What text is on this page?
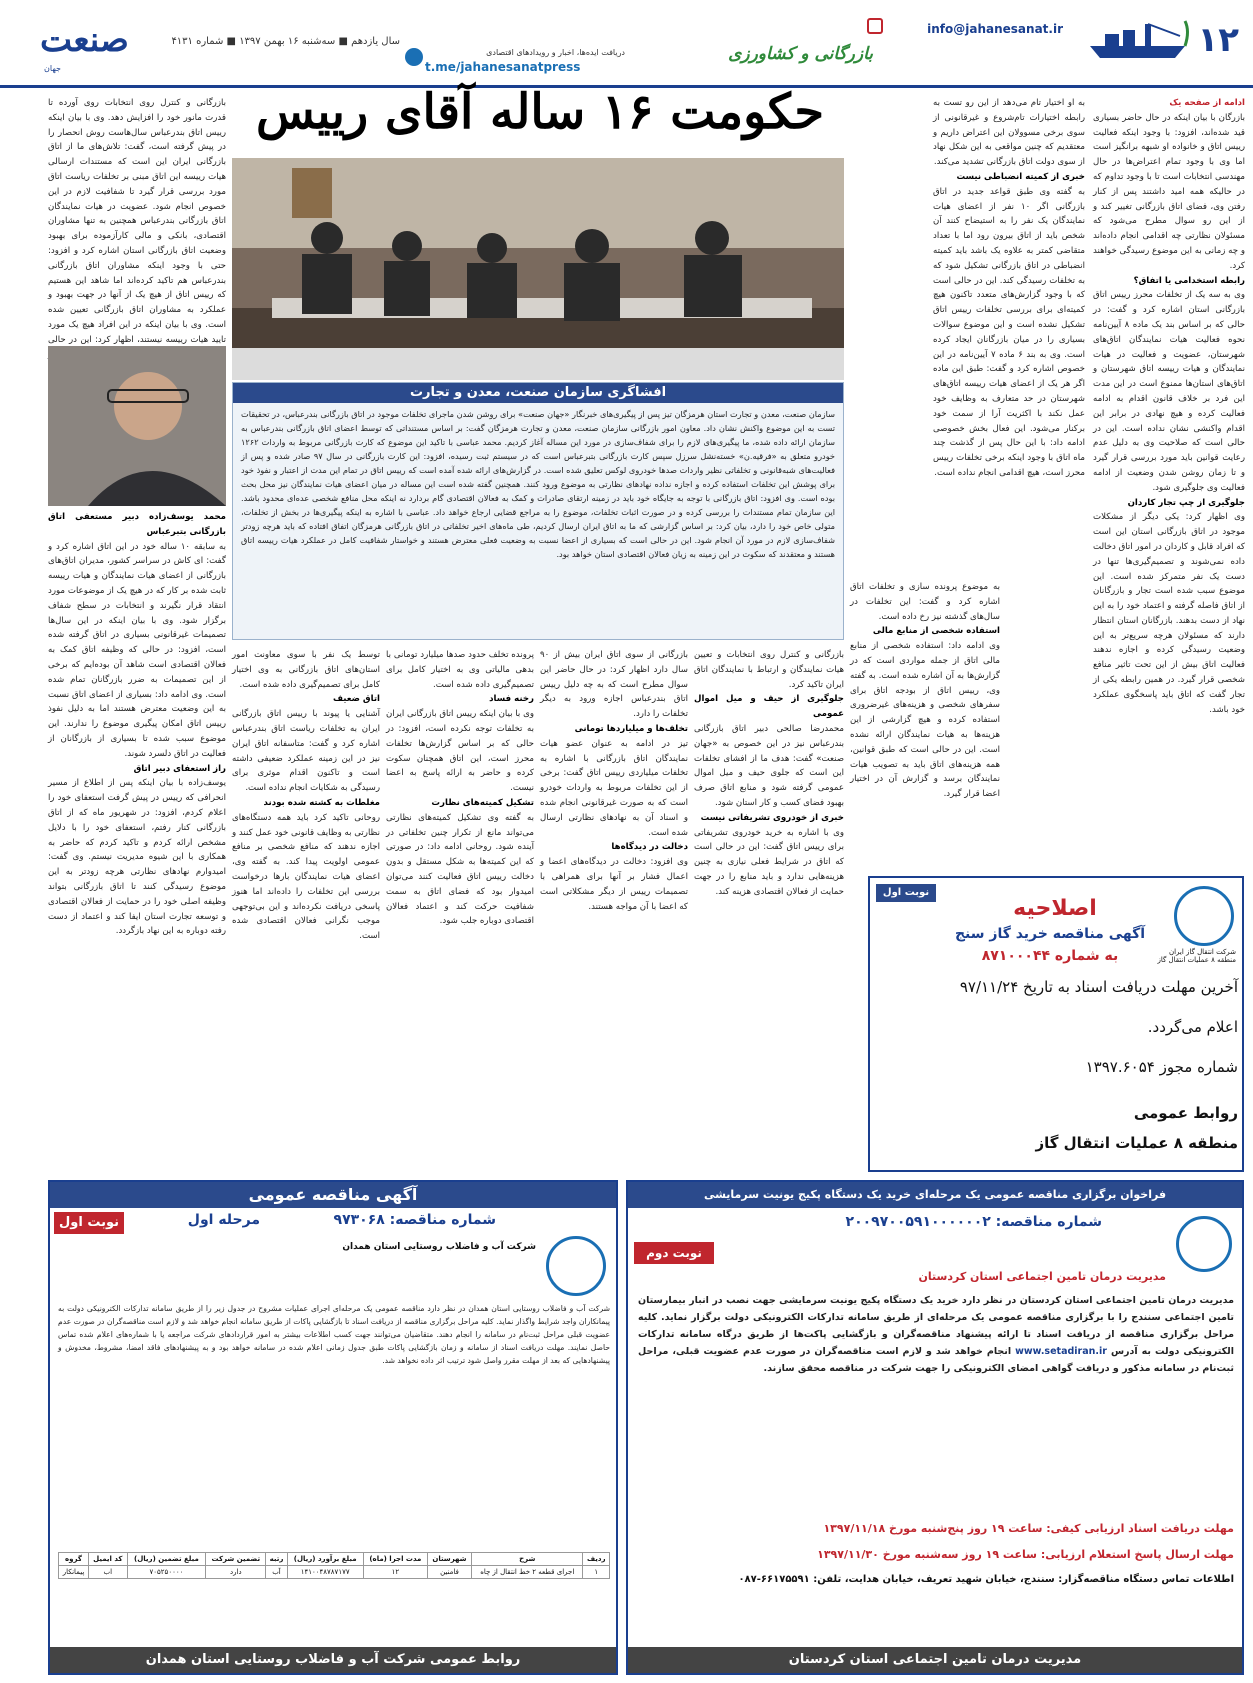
۱۲
info@jahanesanat.ir
بازرگانی و کشاورزی
دریافت ایده‌ها، اخبار و رویدادهای اقتصادی
t.me/jahanesanatpress
سال یازدهم ■ سه‌شنبه ۱۶ بهمن ۱۳۹۷ ■ شماره ۴۱۳۱
صنعت
جهان
ادامه از صفحه یک
بازرگان با بیان اینکه در حال حاضر بسیاری قید شده‌اند، افزود: با وجود اینکه فعالیت رییس اتاق و خانواده او شبهه برانگیز است اما وی با وجود تمام اعتراض‌ها در حال مهندسی انتخابات است تا با وجود تداوم که در حالیکه همه امید داشتند پس از کنار رفتن وی، فضای اتاق بازرگانی تغییر کند و از این رو سوال مطرح می‌شود که مسئولان نظارتی چه اقدامی انجام داده‌اند و چه زمانی به این موضوع رسیدگی خواهند کرد.
رابطه استخدامی یا اتفاق؟
وی به سه یک از تخلفات محرز رییس اتاق بازرگانی استان اشاره کرد و گفت: در حالی که بر اساس بند یک ماده ۸ آیین‌نامه نحوه فعالیت هیات نمایندگان اتاق‌های شهرستان، عضویت و فعالیت در هیات نمایندگان و هیات رییسه اتاق شهرستان و اتاق‌های استان‌ها ممنوع است در این مدت این فرد بر خلاف قانون اقدام به ادامه فعالیت کرده و هیچ نهادی در برابر این اقدام واکنشی نشان نداده است. این در حالی است که صلاحیت وی به دلیل عدم رعایت قوانین باید مورد بررسی قرار گیرد و تا زمان روشن شدن وضعیت از ادامه فعالیت وی جلوگیری شود.
جلوگیری از چپ تجار کاردان
وی اظهار کرد: یکی دیگر از مشکلات موجود در اتاق بازرگانی استان این است که افراد قابل و کاردان در امور اتاق دخالت داده نمی‌شوند و تصمیم‌گیری‌ها تنها در دست یک نفر متمرکز شده است. این موضوع سبب شده است تجار و بازرگانان از اتاق فاصله گرفته و اعتماد خود را به این نهاد از دست بدهند. بازرگانان استان انتظار دارند که مسئولان هرچه سریع‌تر به این وضعیت رسیدگی کرده و اجازه ندهند فعالیت اتاق بیش از این تحت تاثیر منافع شخصی قرار گیرد. در همین رابطه یکی از تجار گفت که اتاق باید پاسخگوی عملکرد خود باشد.
به او اختیار تام می‌دهد از این رو تست به رابطه اختیارات تام‌شروع و غیرقانونی از سوی برخی مسوولان این اعتراض داریم و معتقدیم که چنین مواقعی به این شکل نهاد از سوی دولت اتاق بازرگانی تشدید می‌کند.
خبری از کمیته انضباطی نیست
به گفته وی طبق قواعد جدید در اتاق بازرگانی اگر ۱۰ نفر از اعضای هیات نمایندگان یک نفر را به استیضاح کنند آن شخص باید از اتاق بیرون رود اما با تعداد متقاضی کمتر به علاوه یک باشد باید کمیته انضباطی در اتاق بازرگانی تشکیل شود که به تخلفات رسیدگی کند. این در حالی است که با وجود گزارش‌های متعدد تاکنون هیچ کمیته‌ای برای بررسی تخلفات رییس اتاق تشکیل نشده است و این موضوع سوالات بسیاری را در میان بازرگانان ایجاد کرده است. وی به بند ۶ ماده ۷ آیین‌نامه در این خصوص اشاره کرد و گفت: طبق این ماده اگر هر یک از اعضای هیات رییسه اتاق‌های شهرستان در حد متعارف به وظایف خود عمل نکند با اکثریت آرا از سمت خود برکنار می‌شود. این فعال بخش خصوصی ادامه داد: با این حال پس از گذشت چند ماه اتاق با وجود اینکه برخی تخلفات رییس محرز است، هیچ اقدامی انجام نداده است.
حکومت ۱۶ ساله آقای رییس
افشاگری سازمان صنعت، معدن و تجارت
سازمان صنعت، معدن و تجارت استان هرمزگان تیز پس از پیگیری‌های خبرنگار «جهان صنعت» برای روشن شدن ماجرای تخلفات موجود در اتاق بازرگانی بندرعباس، در تحقیقات تست به این موضوع واکنش نشان داد. معاون امور بازرگانی سازمان صنعت، معدن و تجارت هرمزگان گفت: بر اساس مستنداتی که توسط اعضای اتاق بازرگانی بندرعباس به سازمان ارائه داده شده، ما پیگیری‌های لازم را برای شفاف‌سازی در مورد این مساله آغاز کردیم. محمد عباسی با تاکید این موضوع که کارت بازرگانی مربوط به واردات ۱۲۶۲ خودرو متعلق به «فرقیه.ن» خسته‌نشل سرزل سپس کارت بازرگانی بتبرعباس است که در سیستم ثبت رسیده، افزود: این کارت بازرگانی در سال ۹۷ صادر شده و پس از فعالیت‌های شبه‌قانونی و تخلفاتی نظیر واردات صدها خودروی لوکس تعلیق شده است. در گزارش‌های ارائه شده آمده است که رییس اتاق در تمام این مدت از اعتبار و نفوذ خود برای پوشش این تخلفات استفاده کرده و اجازه نداده نهادهای نظارتی به موضوع ورود کنند. همچنین گفته شده است این مساله در میان اعضای هیات نمایندگان نیز محل بحث بوده است. وی افزود: اتاق بازرگانی با توجه به جایگاه خود باید در زمینه ارتقای صادرات و کمک به فعالان اقتصادی گام بردارد نه اینکه محل منافع شخصی عده‌ای محدود باشد. این سازمان تمام مستندات را بررسی کرده و در صورت اثبات تخلفات، موضوع را به مراجع قضایی ارجاع خواهد داد. عباسی با اشاره به اینکه پیگیری‌ها در بخش از تخلفات، متولی خاص خود را دارد، بیان کرد: بر اساس گزارشی که ما به اتاق ایران ارسال کردیم، طی ماه‌های اخیر تخلفاتی در اتاق بازرگانی هرمزگان اتفاق افتاده که باید هرچه زودتر شفاف‌سازی لازم در مورد آن انجام شود. این در حالی است که بسیاری از اعضا نسبت به وضعیت فعلی معترض هستند و خواستار شفافیت کامل در عملکرد هیات رییسه اتاق هستند و معتقدند که سکوت در این زمینه به زیان فعالان اقتصادی استان خواهد بود.
بازرگانی و کنترل روی انتخابات روی آورده تا قدرت مانور خود را افزایش دهد. وی با بیان اینکه رییس اتاق بندرعباس سال‌هاست روش انحصار را در پیش گرفته است، گفت: تلاش‌های ما از اتاق بازرگانی ایران این است که مستندات ارسالی هیات رییسه این اتاق مبنی بر تخلفات ریاست اتاق مورد بررسی قرار گیرد تا شفافیت لازم در این خصوص انجام شود. عضویت در هیات نمایندگان اتاق بازرگانی بندرعباس همچنین به تنها مشاوران اقتصادی، بانکی و مالی کارآزموده برای بهبود وضعیت اتاق بازرگانی استان اشاره کرد و افزود: حتی با وجود اینکه مشاوران اتاق بازرگانی بندرعباس هم تاکید کرده‌اند اما شاهد این هستیم که رییس اتاق از هیچ یک از آنها در جهت بهبود و عملکرد به مشاوران اتاق بازرگانی تعیین شده است. وی با بیان اینکه در این افراد هیچ یک مورد تایید هیات رییسه نیستند، اظهار کرد: این در حالی
محمد یوسف‌زاده دبیر مستعفی اتاق بازرگانی بتبرعباس
به سابقه ۱۰ ساله خود در این اتاق اشاره کرد و گفت: ای کاش در سراسر کشور، مدیران اتاق‌های بازرگانی از اعضای هیات نمایندگان و هیات رییسه ثابت شده بر کار که در هیچ یک از موضوعات مورد انتقاد قرار نگیرند و انتخابات در سطح شفاف برگزار شود. وی با بیان اینکه در این سال‌ها تصمیمات غیرقانونی بسیاری در اتاق گرفته شده است، افزود: در حالی که وظیفه اتاق کمک به فعالان اقتصادی است شاهد آن بوده‌ایم که برخی از این تصمیمات به ضرر بازرگانان تمام شده است. وی ادامه داد: بسیاری از اعضای اتاق نسبت به این وضعیت معترض هستند اما به دلیل نفوذ رییس اتاق امکان پیگیری موضوع را ندارند. این موضوع سبب شده تا بسیاری از بازرگانان از فعالیت در اتاق دلسرد شوند.
راز استعفای دبیر اتاق
یوسف‌زاده با بیان اینکه پس از اطلاع از مسیر انحرافی که رییس در پیش گرفت استعفای خود را اعلام کردم، افزود: در شهریور ماه که از اتاق بازرگانی کنار رفتم، استعفای خود را با دلایل مشخص ارائه کردم و تاکید کردم که حاضر به همکاری با این شیوه مدیریت نیستم. وی گفت: امیدوارم نهادهای نظارتی هرچه زودتر به این موضوع رسیدگی کنند تا اتاق بازرگانی بتواند وظیفه اصلی خود را در حمایت از فعالان اقتصادی و توسعه تجارت استان ایفا کند و اعتماد از دست رفته دوباره به این نهاد بازگردد.
توسط یک نفر با سوی معاونت امور استان‌های اتاق بازرگانی به وی اختیار کامل برای تصمیم‌گیری داده شده است.
اتاق ضعیف
آشنایی یا پیوند با رییس اتاق بازرگانی ایران به تخلفات ریاست اتاق بندرعباس اشاره کرد و گفت: متاسفانه اتاق ایران نیز در این زمینه عملکرد ضعیفی داشته است و تاکنون اقدام موثری برای رسیدگی به شکایات انجام نداده است.
مغلطات به کشته شده بودند
روحانی تاکید کرد باید همه دستگاه‌های نظارتی به وظایف قانونی خود عمل کنند و اجازه ندهند که منافع شخصی بر منافع عمومی اولویت پیدا کند. به گفته وی، اعضای هیات نمایندگان بارها درخواست بررسی این تخلفات را داده‌اند اما هنوز پاسخی دریافت نکرده‌اند و این بی‌توجهی موجب نگرانی فعالان اقتصادی شده است.
پرونده تخلف حدود صدها میلیارد تومانی با بدهی مالیاتی وی به اختیار کامل برای تصمیم‌گیری داده شده است.
رخنه فساد
وی با بیان اینکه رییس اتاق بازرگانی ایران به تخلفات توجه نکرده است، افزود: در حالی که بر اساس گزارش‌ها تخلفات محرز است، این اتاق همچنان سکوت کرده و حاضر به ارائه پاسخ به اعضا نیست.
تشکیل کمیته‌های نظارت
به گفته وی تشکیل کمیته‌های نظارتی می‌تواند مانع از تکرار چنین تخلفاتی در آینده شود. روحانی ادامه داد: در صورتی که این کمیته‌ها به شکل مستقل و بدون دخالت رییس اتاق فعالیت کنند می‌توان امیدوار بود که فضای اتاق به سمت شفافیت حرکت کند و اعتماد فعالان اقتصادی دوباره جلب شود.
بازرگانی از سوی اتاق ایران بیش از ۹۰ سال دارد اظهار کرد: در حال حاضر این سوال مطرح است که به چه دلیل رییس اتاق بندرعباس اجازه ورود به دیگر تخلفات را دارد.
تخلف‌ها و میلیاردها تومانی
تیز در ادامه به عنوان عضو هیات نمایندگان اتاق بازرگانی با اشاره به تخلفات میلیاردی رییس اتاق گفت: برخی از این تخلفات مربوط به واردات خودرو است که به صورت غیرقانونی انجام شده و اسناد آن به نهادهای نظارتی ارسال شده است.
دخالت در دیدگاه‌ها
وی افزود: دخالت در دیدگاه‌های اعضا و اعمال فشار بر آنها برای همراهی با تصمیمات رییس از دیگر مشکلاتی است که اعضا با آن مواجه هستند.
بازرگانی و کنترل روی انتخابات و تعیین هیات نمایندگان و ارتباط با نمایندگان اتاق ایران تاکید کرد.
جلوگیری از حیف و میل اموال عمومی
محمدرضا صالحی دبیر اتاق بازرگانی بندرعباس نیز در این خصوص به «جهان صنعت» گفت: هدف ما از افشای تخلفات این است که جلوی حیف و میل اموال عمومی گرفته شود و منابع اتاق صرف بهبود فضای کسب و کار استان شود.
خبری از خودروی تشریفاتی نیست
وی با اشاره به خرید خودروی تشریفاتی برای رییس اتاق گفت: این در حالی است که اتاق در شرایط فعلی نیازی به چنین هزینه‌هایی ندارد و باید منابع را در جهت حمایت از فعالان اقتصادی هزینه کند.
به موضوع پرونده سازی و تخلفات اتاق اشاره کرد و گفت: این تخلفات در سال‌های گذشته نیز رخ داده است.
استفاده شخصی از منابع مالی
وی ادامه داد: استفاده شخصی از منابع مالی اتاق از جمله مواردی است که در گزارش‌ها به آن اشاره شده است. به گفته وی، رییس اتاق از بودجه اتاق برای سفرهای شخصی و هزینه‌های غیرضروری استفاده کرده و هیچ گزارشی از این هزینه‌ها به هیات نمایندگان ارائه نشده است. این در حالی است که طبق قوانین، همه هزینه‌های اتاق باید به تصویب هیات نمایندگان برسد و گزارش آن در اختیار اعضا قرار گیرد.
شرکت انتقال گاز ایران منطقه ۸ عملیات انتقال گاز
نوبت اول
اصلاحیه
آگهی مناقصه خرید گاز سنج
به شماره ۸۷۱۰۰۰۴۴
آخرین مهلت دریافت اسناد به تاریخ ۹۷/۱۱/۲۴
اعلام می‌گردد.
شماره مجوز ۱۳۹۷.۶۰۵۴
روابط عمومی
منطقه ۸ عملیات انتقال گاز
آگهی مناقصه عمومی
نوبت اول	شماره مناقصه: ۹۷۳۰۶۸
مرحله اول
شرکت آب و فاضلاب روستایی استان همدان
شرکت آب و فاضلاب روستایی استان همدان در نظر دارد مناقصه عمومی یک مرحله‌ای اجرای عملیات مشروح در جدول زیر را از طریق سامانه تدارکات الکترونیکی دولت به پیمانکاران واجد شرایط واگذار نماید. کلیه مراحل برگزاری مناقصه از دریافت اسناد تا بازگشایی پاکات از طریق سامانه انجام خواهد شد و لازم است مناقصه‌گران در صورت عدم عضویت قبلی مراحل ثبت‌نام در سامانه را انجام دهند. متقاضیان می‌توانند جهت کسب اطلاعات بیشتر به امور قراردادهای شرکت مراجعه یا با شماره‌های اعلام شده تماس حاصل نمایند. مهلت دریافت اسناد از سامانه و زمان بازگشایی پاکات طبق جدول زمانی اعلام شده در سامانه خواهد بود و به پیشنهادهای فاقد امضا، مشروط، مخدوش و پیشنهادهایی که بعد از مهلت مقرر واصل شود ترتیب اثر داده نخواهد شد.
ردیف	شرح	شهرستان	مدت اجرا (ماه)	مبلغ برآورد (ریال)	رتبه	تضمین شرکت	مبلغ تضمین (ریال)	کد ایمیل	گروه
۱	اجرای قطعه ۲ خط انتقال از چاه	فامنین	۱۲	۱۴۱۰۰۴۸۷۸۷۱۷۷	آب	دارد	۷۰۵۲۵۰۰۰۰	اب	پیمانکار
روابط عمومی شرکت آب و فاضلاب روستایی استان همدان
فراخوان برگزاری مناقصه عمومی یک مرحله‌ای خرید یک دستگاه پکیج یونیت سرمایشی
شماره مناقصه: ۲۰۰۹۷۰۰۵۹۱۰۰۰۰۰۰۲
نوبت دوم
مدیریت درمان تامین اجتماعی استان کردستان
مدیریت درمان تامین اجتماعی استان کردستان در نظر دارد خرید یک دستگاه پکیج یونیت سرمایشی جهت نصب در انبار بیمارستان تامین اجتماعی سنندج را با برگزاری مناقصه عمومی یک مرحله‌ای از طریق سامانه تدارکات الکترونیکی دولت برگزار نماید. کلیه مراحل برگزاری مناقصه از دریافت اسناد تا ارائه پیشنهاد مناقصه‌گران و بازگشایی پاکت‌ها از طریق درگاه سامانه تدارکات الکترونیکی دولت به آدرس www.setadiran.ir انجام خواهد شد و لازم است مناقصه‌گران در صورت عدم عضویت قبلی، مراحل ثبت‌نام در سامانه مذکور و دریافت گواهی امضای الکترونیکی را جهت شرکت در مناقصه محقق سازند.
مهلت دریافت اسناد ارزیابی کیفی: ساعت ۱۹ روز پنج‌شنبه مورخ ۱۳۹۷/۱۱/۱۸
مهلت ارسال پاسخ استعلام ارزیابی: ساعت ۱۹ روز سه‌شنبه مورخ ۱۳۹۷/۱۱/۳۰
اطلاعات تماس دستگاه مناقصه‌گزار: سنندج، خیابان شهید تعریف، خیابان هدایت، تلفن: ۶۶۱۷۵۵۹۱-۰۸۷
مدیریت درمان تامین اجتماعی استان کردستان
